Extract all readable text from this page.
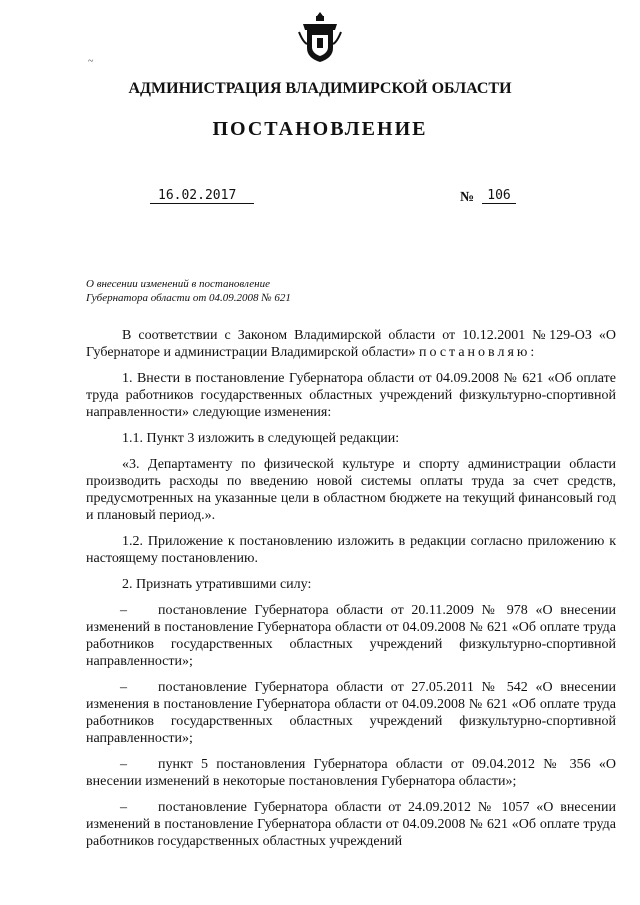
~
АДМИНИСТРАЦИЯ ВЛАДИМИРСКОЙ ОБЛАСТИ
ПОСТАНОВЛЕНИЕ
16.02.2017	№	106
О внесении изменений в постановление
Губернатора области от 04.09.2008 № 621

В соответствии с Законом Владимирской области от 10.12.2001 №129-ОЗ «О Губернаторе и администрации Владимирской области» постановляю:

1. Внести в постановление Губернатора области от 04.09.2008 № 621 «Об оплате труда работников государственных областных учреждений физкультурно-спортивной направленности» следующие изменения:

1.1. Пункт 3 изложить в следующей редакции:

«3. Департаменту по физической культуре и спорту администрации области производить расходы по введению новой системы оплаты труда за счет средств, предусмотренных на указанные цели в областном бюджете на текущий финансовый год и плановый период.».

1.2. Приложение к постановлению изложить в редакции согласно приложению к настоящему постановлению.

2. Признать утратившими силу:

– постановление Губернатора области от 20.11.2009 № 978 «О внесении изменений в постановление Губернатора области от 04.09.2008 № 621 «Об оплате труда работников государственных областных учреждений физкультурно-спортивной направленности»;

– постановление Губернатора области от 27.05.2011 № 542 «О внесении изменения в постановление Губернатора области от 04.09.2008 № 621 «Об оплате труда работников государственных областных учреждений физкультурно-спортивной направленности»;

– пункт 5 постановления Губернатора области от 09.04.2012 № 356 «О внесении изменений в некоторые постановления Губернатора области»;

– постановление Губернатора области от 24.09.2012 № 1057 «О внесении изменений в постановление Губернатора области от 04.09.2008 № 621 «Об оплате труда работников государственных областных учреждений
